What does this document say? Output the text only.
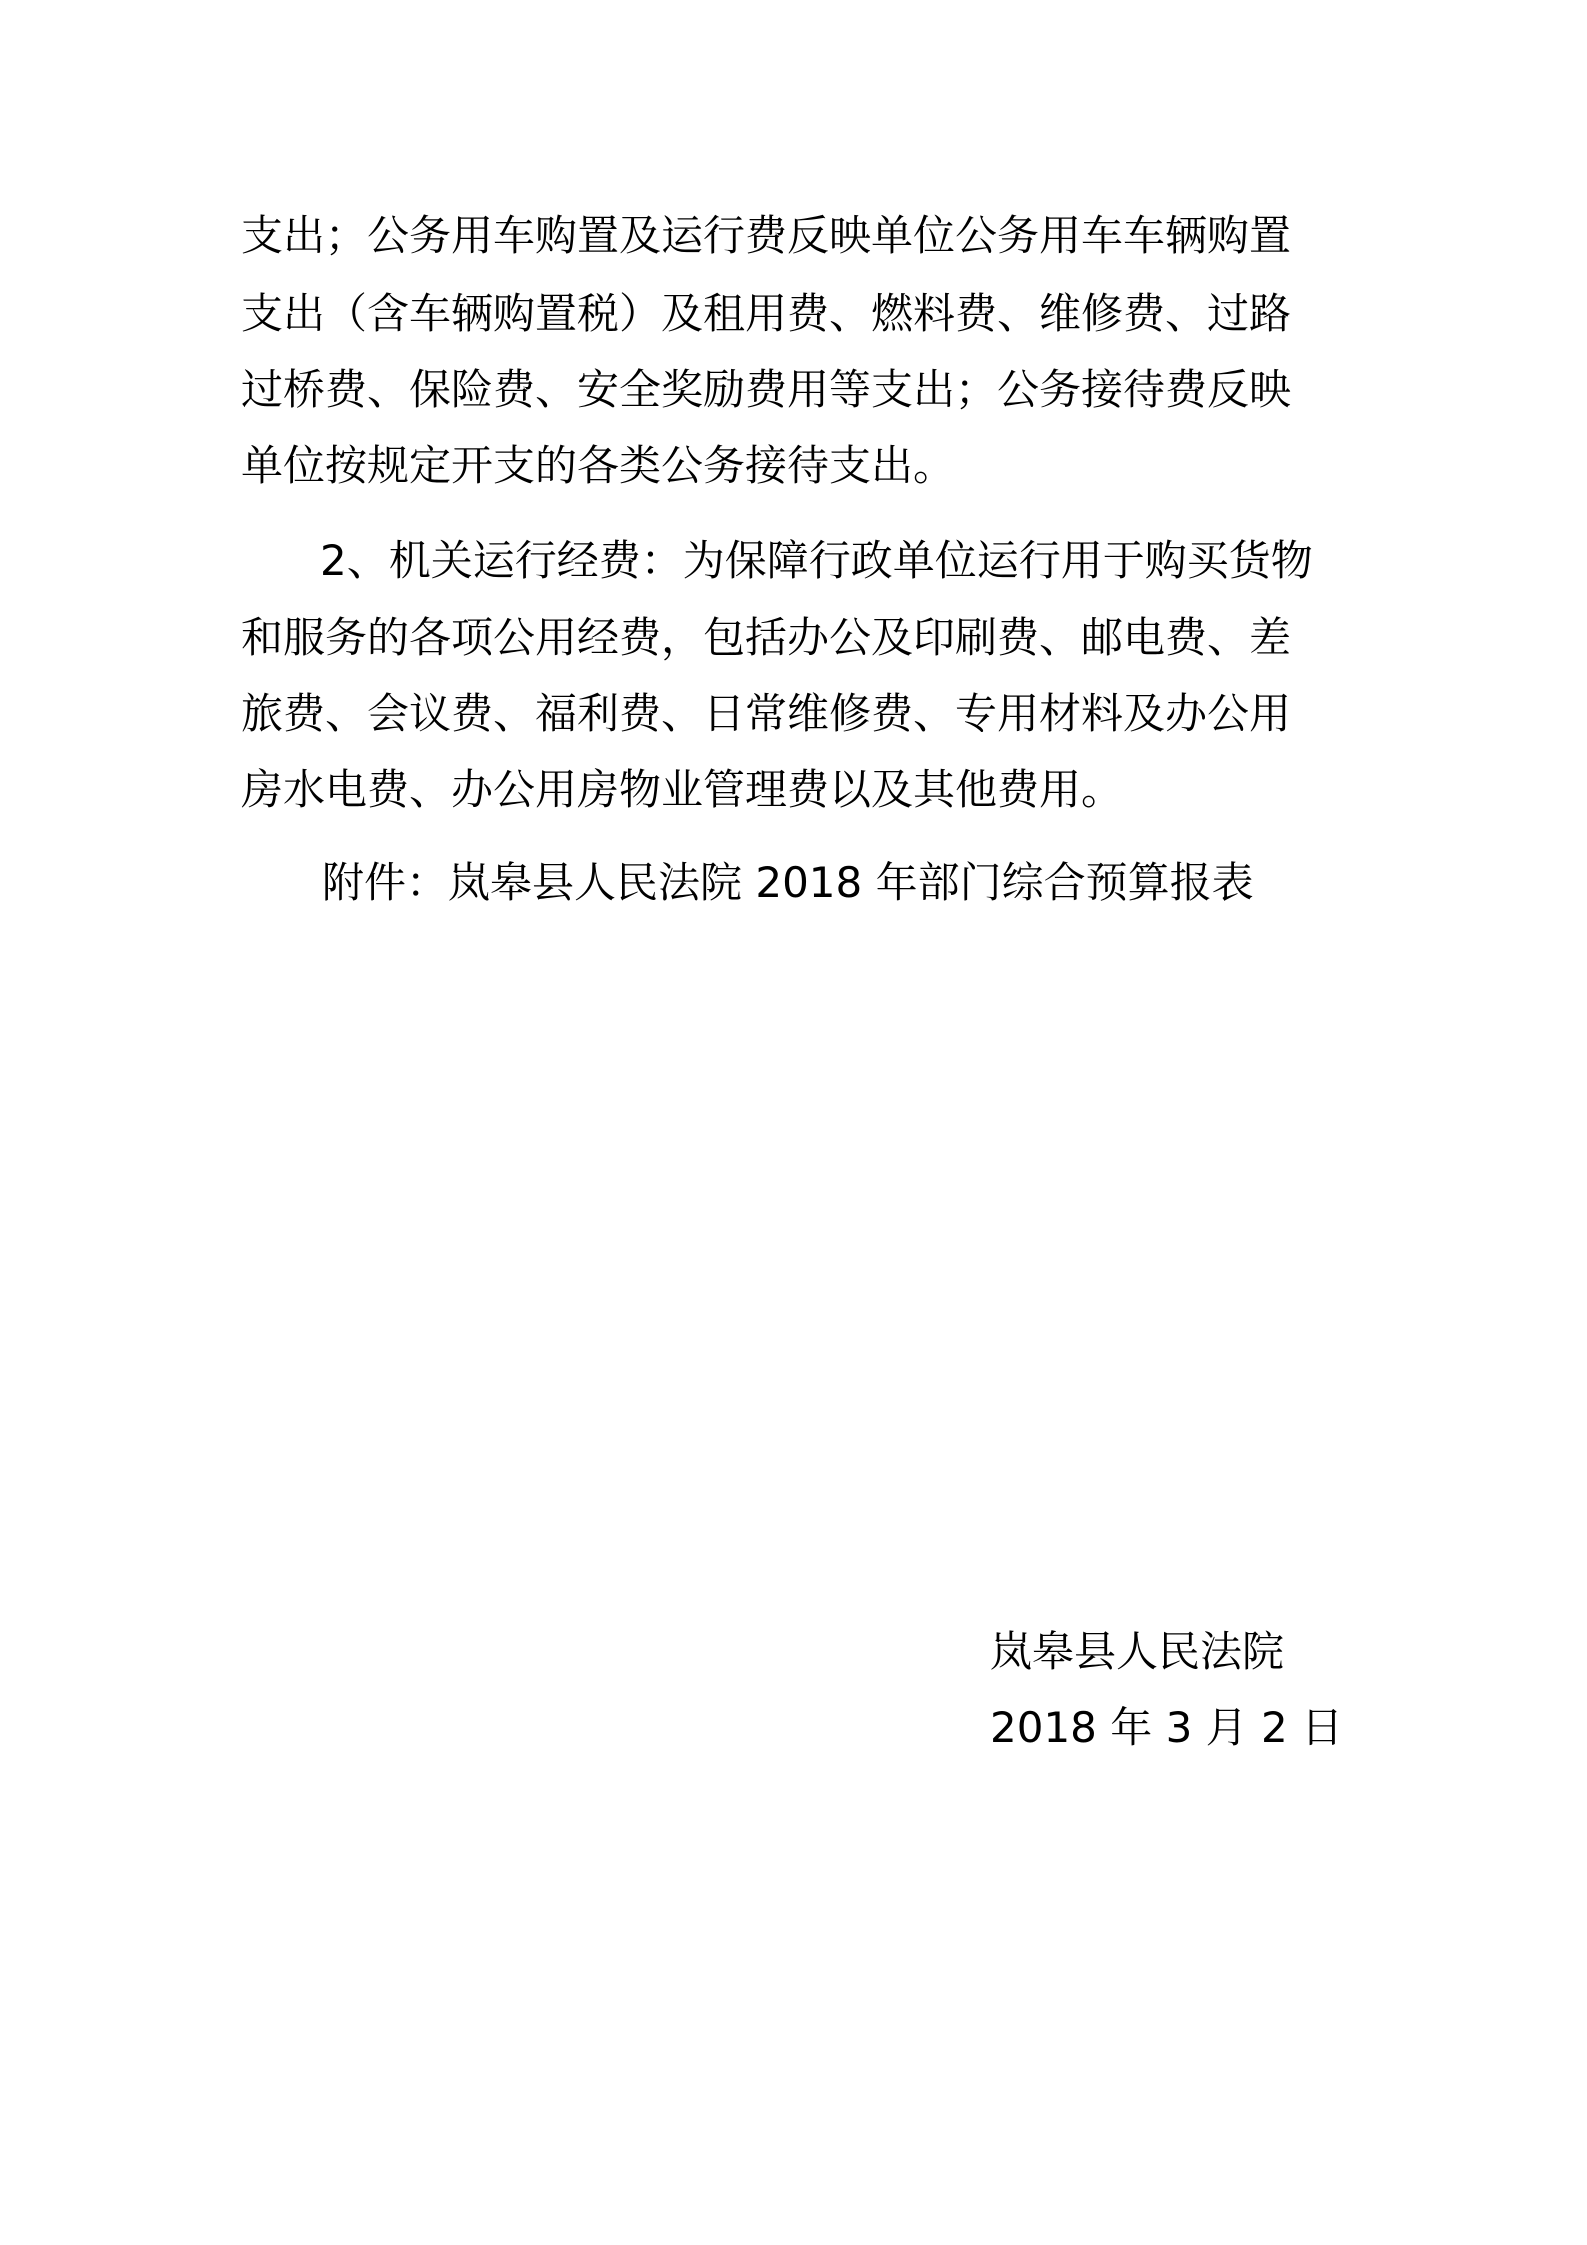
支出；公务用车购置及运行费反映单位公务用车车辆购置
支出（含车辆购置税）及租用费、燃料费、维修费、过路
过桥费、保险费、安全奖励费用等支出；公务接待费反映
单位按规定开支的各类公务接待支出。
2、机关运行经费：为保障行政单位运行用于购买货物
和服务的各项公用经费，包括办公及印刷费、邮电费、差
旅费、会议费、福利费、日常维修费、专用材料及办公用
房水电费、办公用房物业管理费以及其他费用。
附件：岚皋县人民法院 2018 年部门综合预算报表
岚皋县人民法院
2018 年 3 月 2 日
